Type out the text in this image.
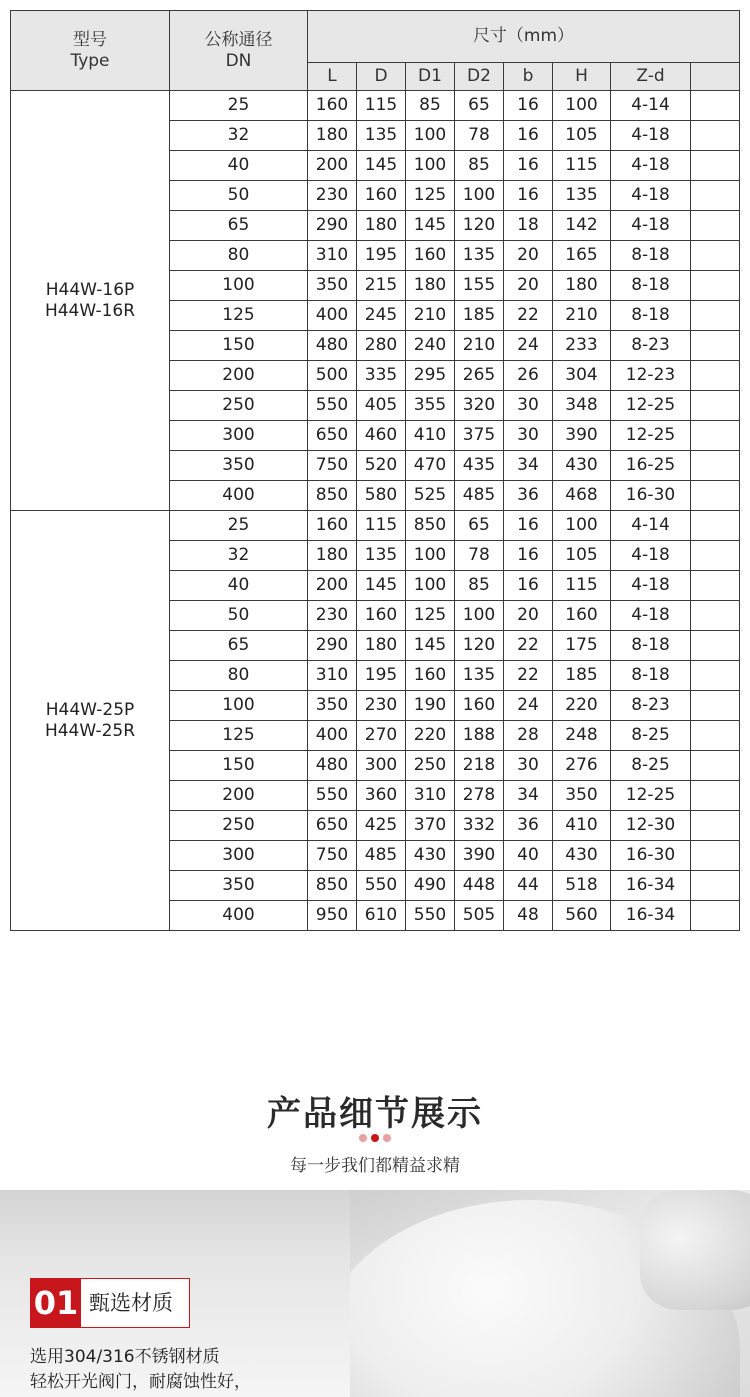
型号
Type	公称通径
DN	尺寸（mm）							
		L	D	D1	D2	b	H	Z-d	

H44W-16P
H44W-16R	25	160	115	85	65	16	100	4-14	
	32	180	135	100	78	16	105	4-18	
	40	200	145	100	85	16	115	4-18	
	50	230	160	125	100	16	135	4-18	
	65	290	180	145	120	18	142	4-18	
	80	310	195	160	135	20	165	8-18	
	100	350	215	180	155	20	180	8-18	
	125	400	245	210	185	22	210	8-18	
	150	480	280	240	210	24	233	8-23	
	200	500	335	295	265	26	304	12-23	
	250	550	405	355	320	30	348	12-25	
	300	650	460	410	375	30	390	12-25	
	350	750	520	470	435	34	430	16-25	
	400	850	580	525	485	36	468	16-30	

H44W-25P
H44W-25R	25	160	115	850	65	16	100	4-14	
	32	180	135	100	78	16	105	4-18	
	40	200	145	100	85	16	115	4-18	
	50	230	160	125	100	20	160	4-18	
	65	290	180	145	120	22	175	8-18	
	80	310	195	160	135	22	185	8-18	
	100	350	230	190	160	24	220	8-23	
	125	400	270	220	188	28	248	8-25	
	150	480	300	250	218	30	276	8-25	
	200	550	360	310	278	34	350	12-25	
	250	650	425	370	332	36	410	12-30	
	300	750	485	430	390	40	430	16-30	
	350	850	550	490	448	44	518	16-34	
	400	950	610	550	505	48	560	16-34	
产品细节展示
每一步我们都精益求精
01 甄选材质
选用304/316不锈钢材质
轻松开光阀门，耐腐蚀性好，
